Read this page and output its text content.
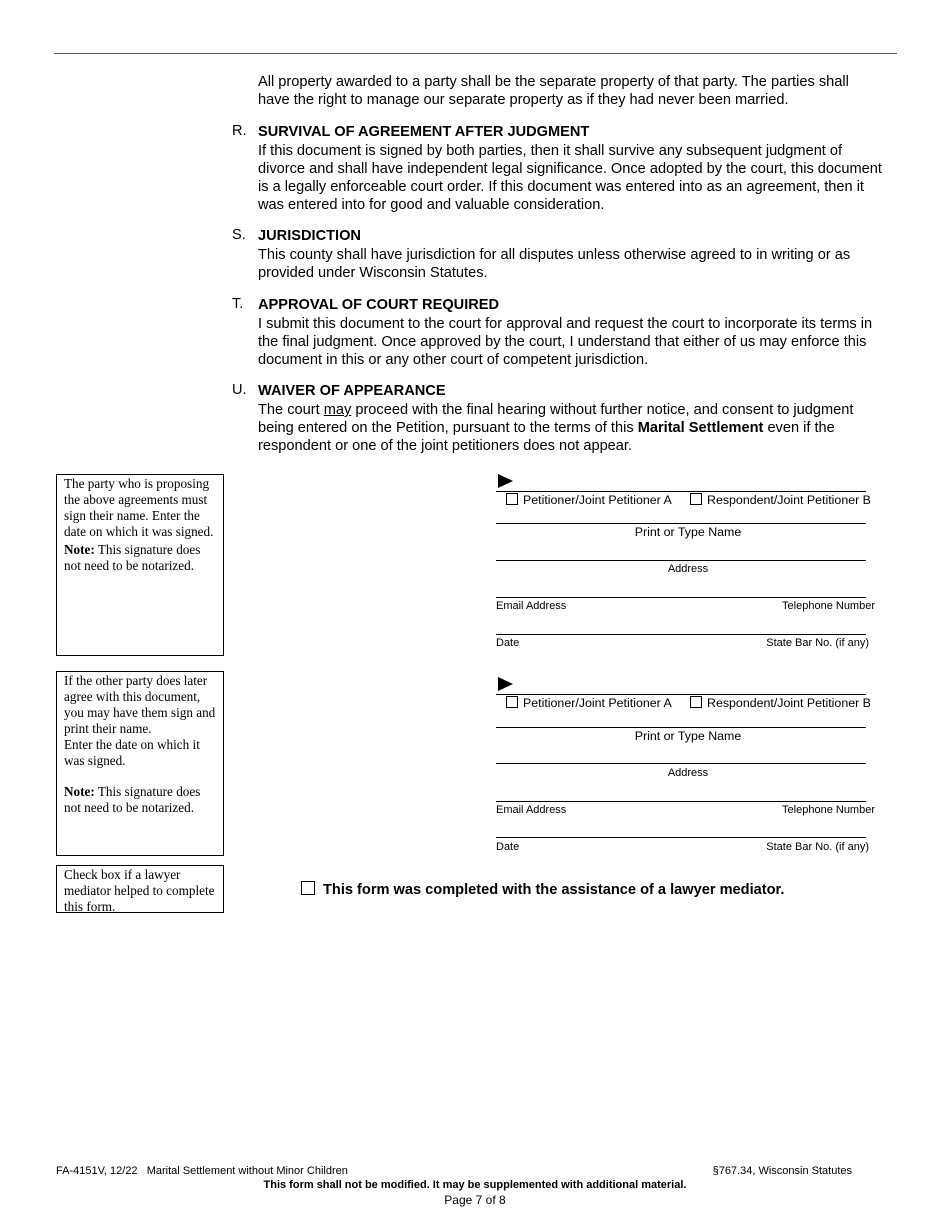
All property awarded to a party shall be the separate property of that party. The parties shall have the right to manage our separate property as if they had never been married.
R. SURVIVAL OF AGREEMENT AFTER JUDGMENT
If this document is signed by both parties, then it shall survive any subsequent judgment of divorce and shall have independent legal significance. Once adopted by the court, this document is a legally enforceable court order. If this document was entered into as an agreement, then it was entered into for good and valuable consideration.
S. JURISDICTION
This county shall have jurisdiction for all disputes unless otherwise agreed to in writing or as provided under Wisconsin Statutes.
T. APPROVAL OF COURT REQUIRED
I submit this document to the court for approval and request the court to incorporate its terms in the final judgment. Once approved by the court, I understand that either of us may enforce this document in this or any other court of competent jurisdiction.
U. WAIVER OF APPEARANCE
The court may proceed with the final hearing without further notice, and consent to judgment being entered on the Petition, pursuant to the terms of this Marital Settlement even if the respondent or one of the joint petitioners does not appear.
The party who is proposing the above agreements must sign their name. Enter the date on which it was signed.
Note: This signature does not need to be notarized.
If the other party does later agree with this document, you may have them sign and print their name.
Enter the date on which it was signed.
Note: This signature does not need to be notarized.
Check box if a lawyer mediator helped to complete this form.
Petitioner/Joint Petitioner A	Respondent/Joint Petitioner B
Print or Type Name
Address
Email Address	Telephone Number
Date	State Bar No. (if any)
Petitioner/Joint Petitioner A	Respondent/Joint Petitioner B
Print or Type Name
Address
Email Address	Telephone Number
Date	State Bar No. (if any)
This form was completed with the assistance of a lawyer mediator.
FA-4151V, 12/22   Marital Settlement without Minor Children	§767.34, Wisconsin Statutes
This form shall not be modified. It may be supplemented with additional material.
Page 7 of 8
